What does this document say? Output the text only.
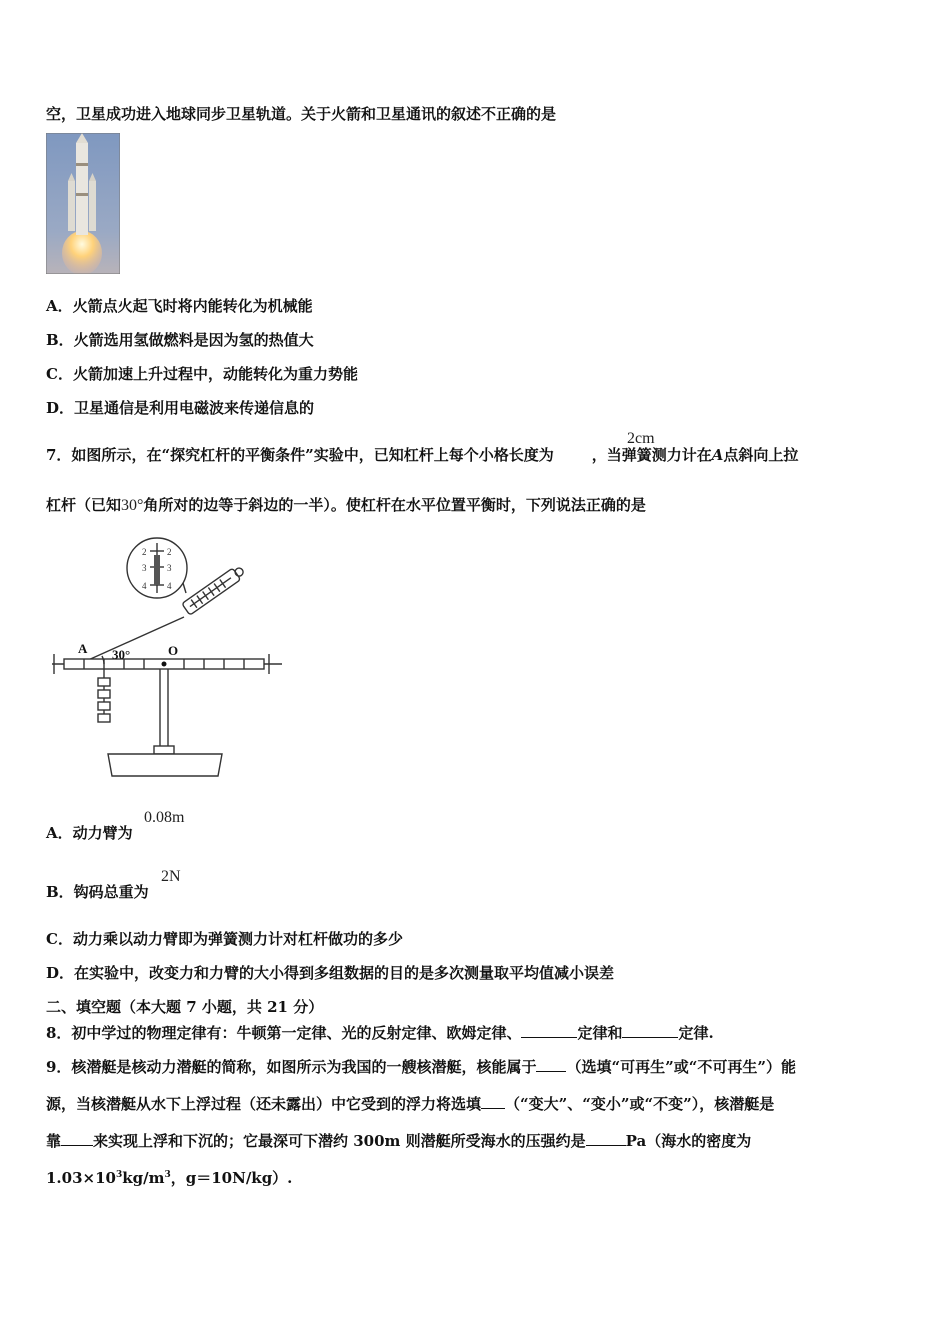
空，卫星成功进入地球同步卫星轨道。关于火箭和卫星通讯的叙述不正确的是
A．火箭点火起飞时将内能转化为机械能
B．火箭选用氢做燃料是因为氢的热值大
C．火箭加速上升过程中，动能转化为重力势能
D．卫星通信是利用电磁波来传递信息的
7．如图所示，在“探究杠杆的平衡条件”实验中，已知杠杆上每个小格长度为	，当弹簧测力计在A点斜向上拉
2cm
杠杆（已知30°角所对的边等于斜边的一半）。使杠杆在水平位置平衡时，下列说法正确的是
A 30°	O
2 2
3 3
4 4
A．动力臂为
0.08m
B．钩码总重为
2N
C．动力乘以动力臂即为弹簧测力计对杠杆做功的多少
D．在实验中，改变力和力臂的大小得到多组数据的目的是多次测量取平均值减小误差
二、填空题（本大题 7 小题，共 21 分）
8．初中学过的物理定律有：牛顿第一定律、光的反射定律、欧姆定律、	定律和	定律.
9．核潜艇是核动力潜艇的简称，如图所示为我国的一艘核潜艇，核能属于 （选填“可再生”或“不可再生”）能
源，当核潜艇从水下上浮过程（还未露出）中它受到的浮力将选填 （“变大”、“变小”或“不变”），核潜艇是
靠 来实现上浮和下沉的；它最深可下潜约 300m 则潜艇所受海水的压强约是	Pa（海水的密度为
$1.03\times 10^3kg/m^3$，g＝10N/kg）.
